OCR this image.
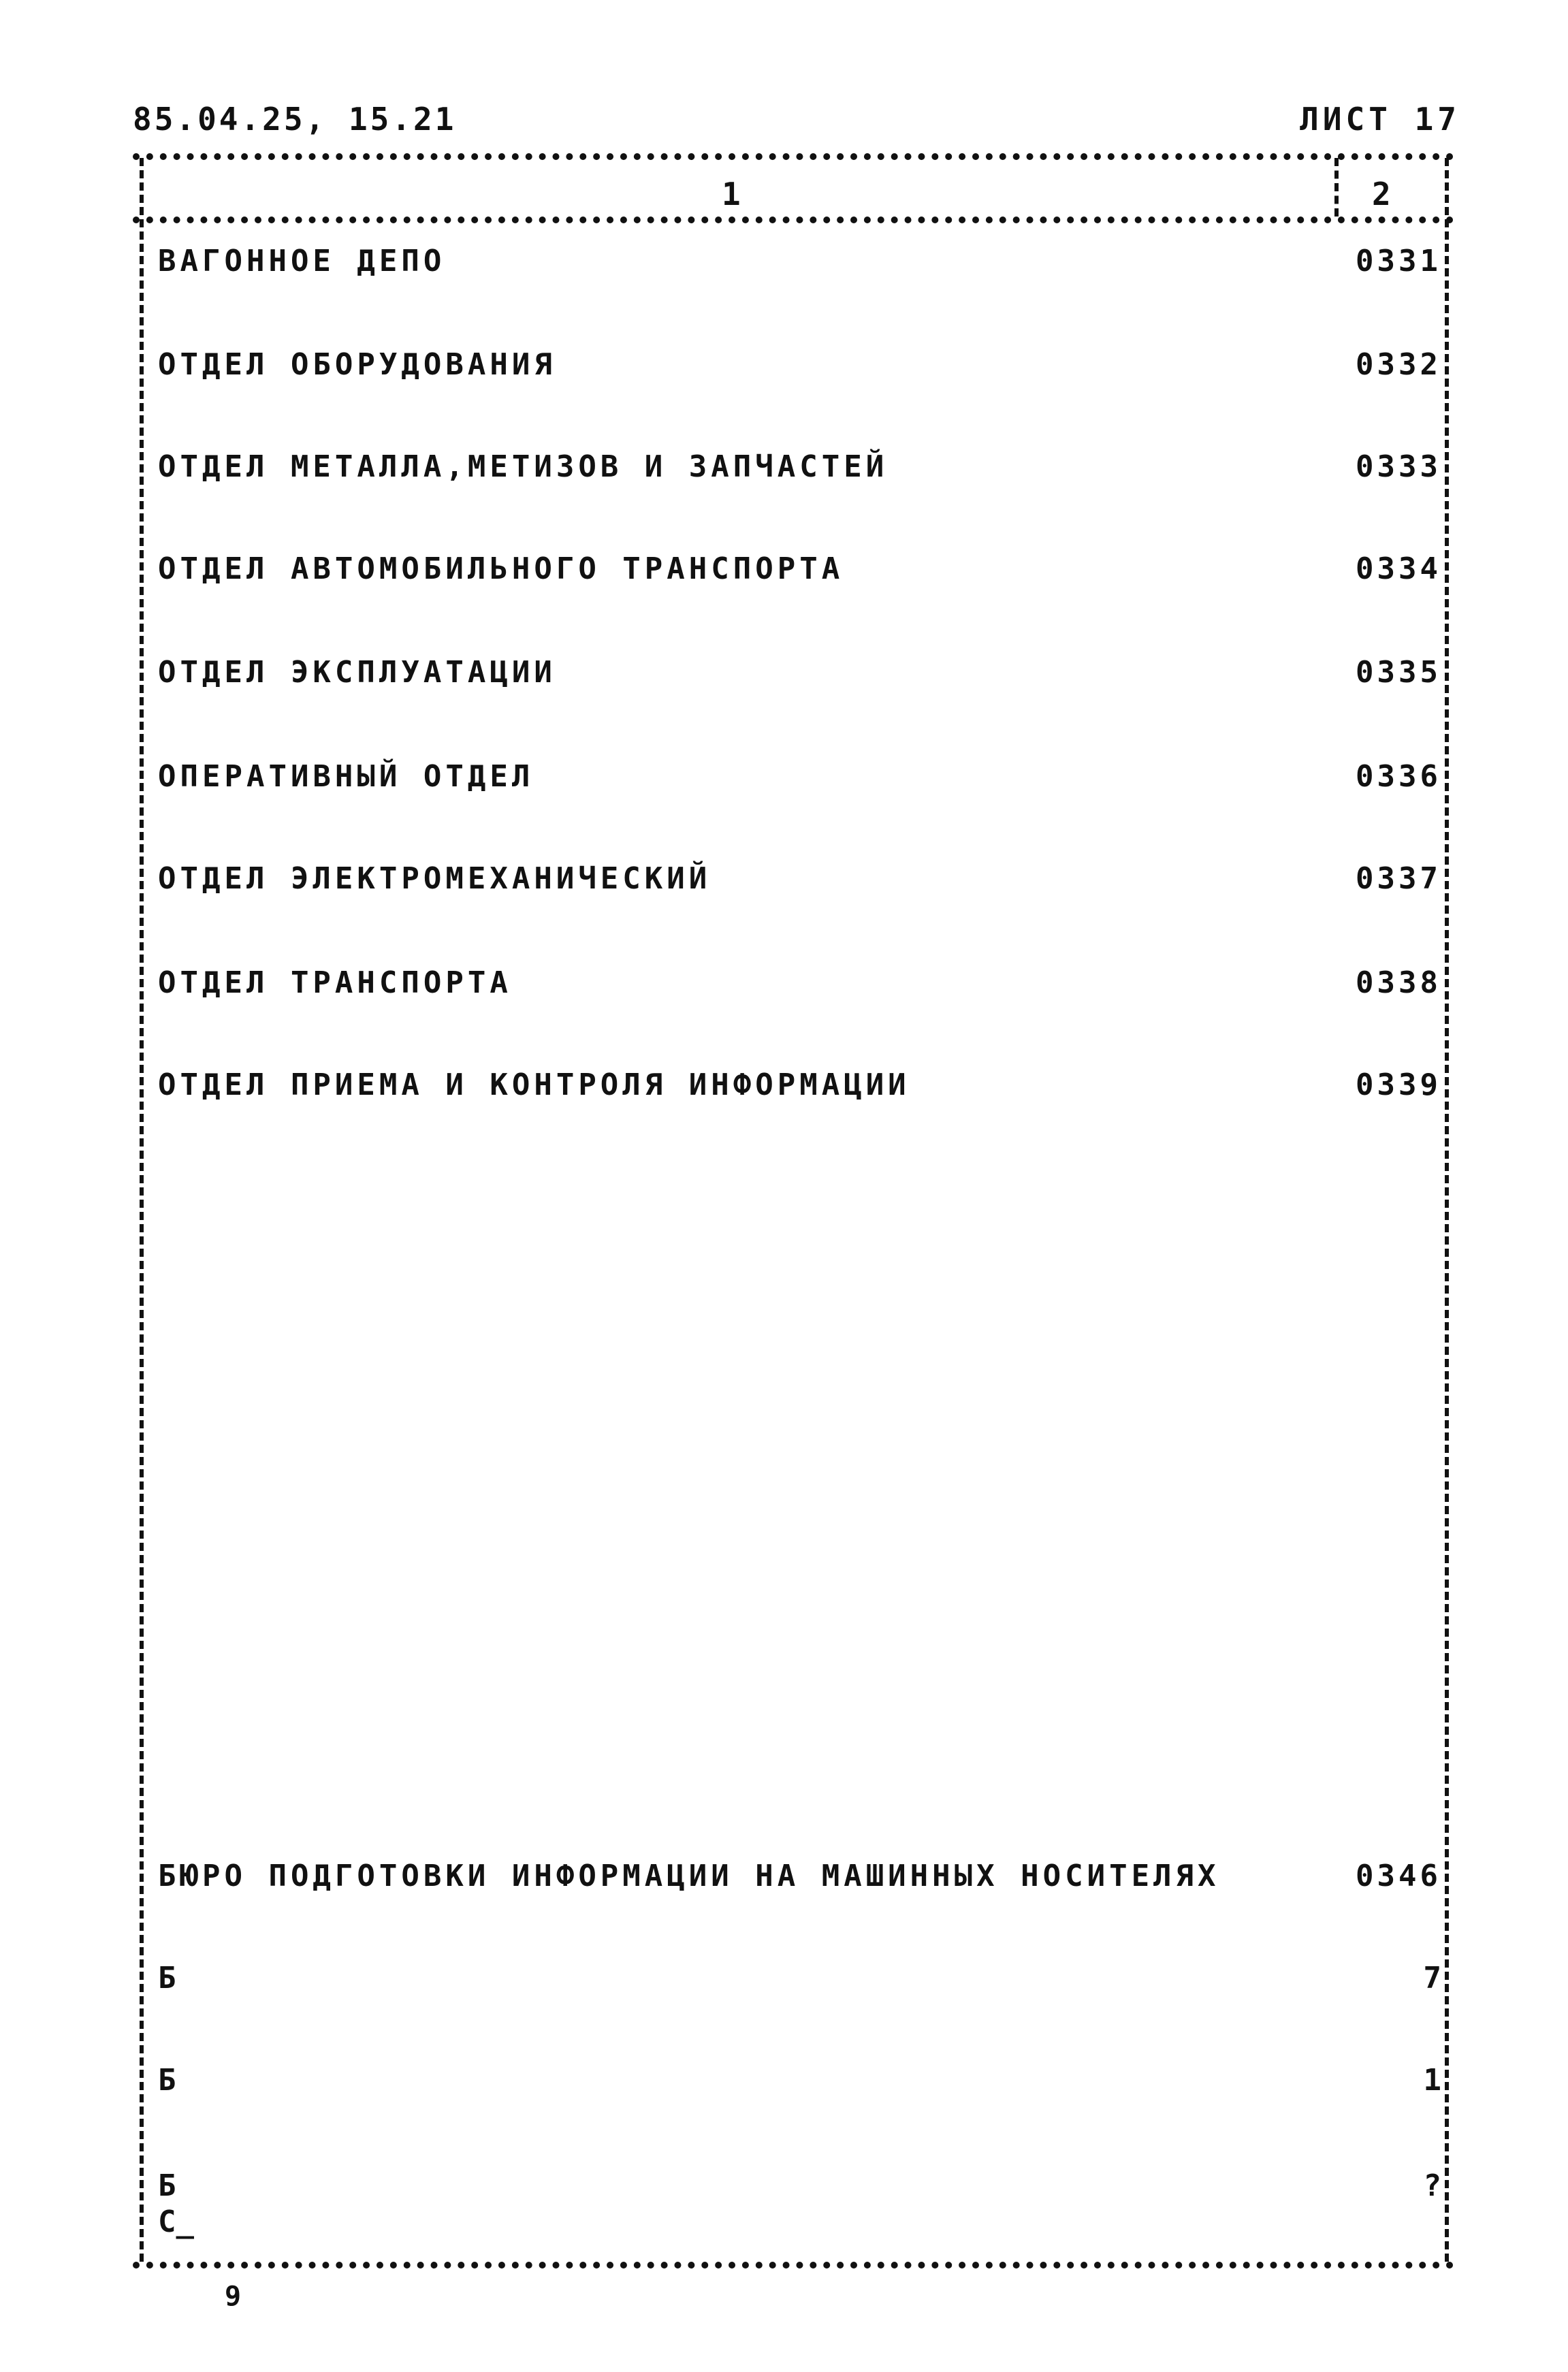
85.04.25, 15.21	ЛИСТ 17
1	2
ВАГОННОЕ ДЕПО	0331
ОТДЕЛ ОБОРУДОВАНИЯ	0332
ОТДЕЛ МЕТАЛЛА,МЕТИЗОВ И ЗАПЧАСТЕЙ	0333
ОТДЕЛ АВТОМОБИЛЬНОГО ТРАНСПОРТА	0334
ОТДЕЛ ЭКСПЛУАТАЦИИ	0335
ОПЕРАТИВНЫЙ ОТДЕЛ	0336
ОТДЕЛ ЭЛЕКТРОМЕХАНИЧЕСКИЙ	0337
ОТДЕЛ ТРАНСПОРТА	0338
ОТДЕЛ ПРИЕМА И КОНТРОЛЯ ИНФОРМАЦИИ	0339
БЮРО ПОДГОТОВКИ ИНФОРМАЦИИ НА МАШИННЫХ НОСИТЕЛЯХ	0346
Б	7
Б	1
Б	?
С_
9
